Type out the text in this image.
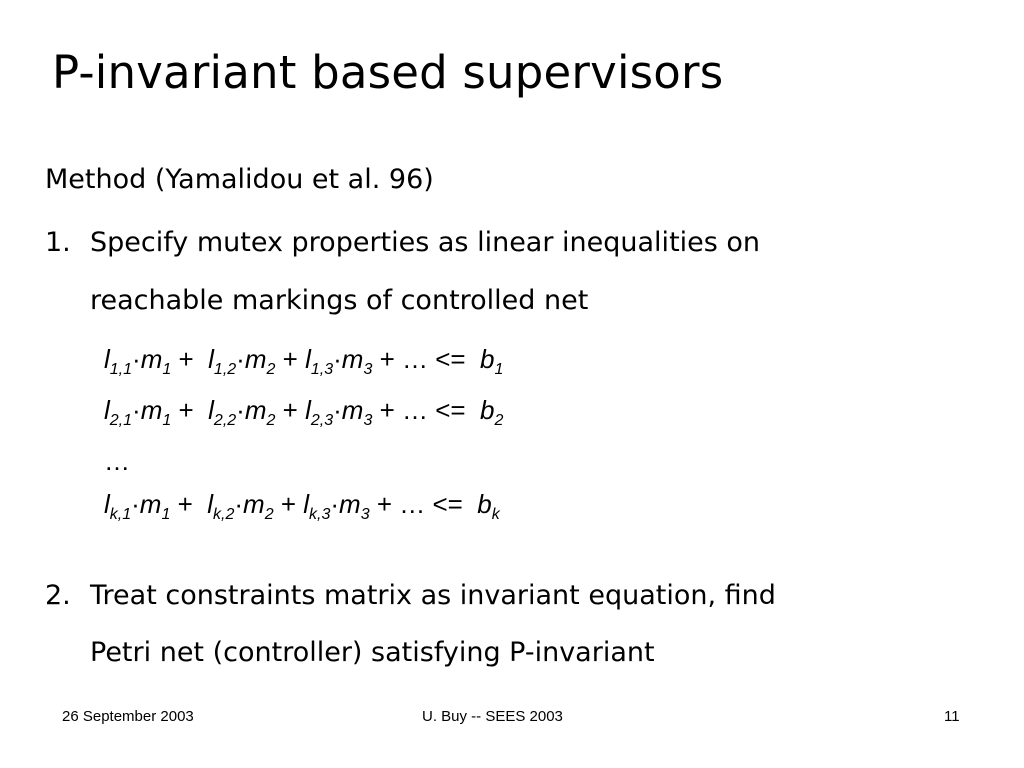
P-invariant based supervisors
Method (Yamalidou et al. 96)
1. Specify mutex properties as linear inequalities on
reachable markings of controlled net
$l_{1,1}\cdot m_1 + l_{1,2}\cdot m_2 + l_{1,3}\cdot m_3$ + … <=  $b_1$
$l_{2,1}\cdot m_1 + l_{2,2}\cdot m_2 + l_{2,3}\cdot m_3$ + … <=  $b_2$
…
$l_{k,1}\cdot m_1 + l_{k,2}\cdot m_2 + l_{k,3}\cdot m_3$ + … <=  $b_k$
2. Treat constraints matrix as invariant equation, find
Petri net (controller) satisfying P-invariant
26 September 2003	U. Buy -- SEES 2003	11
